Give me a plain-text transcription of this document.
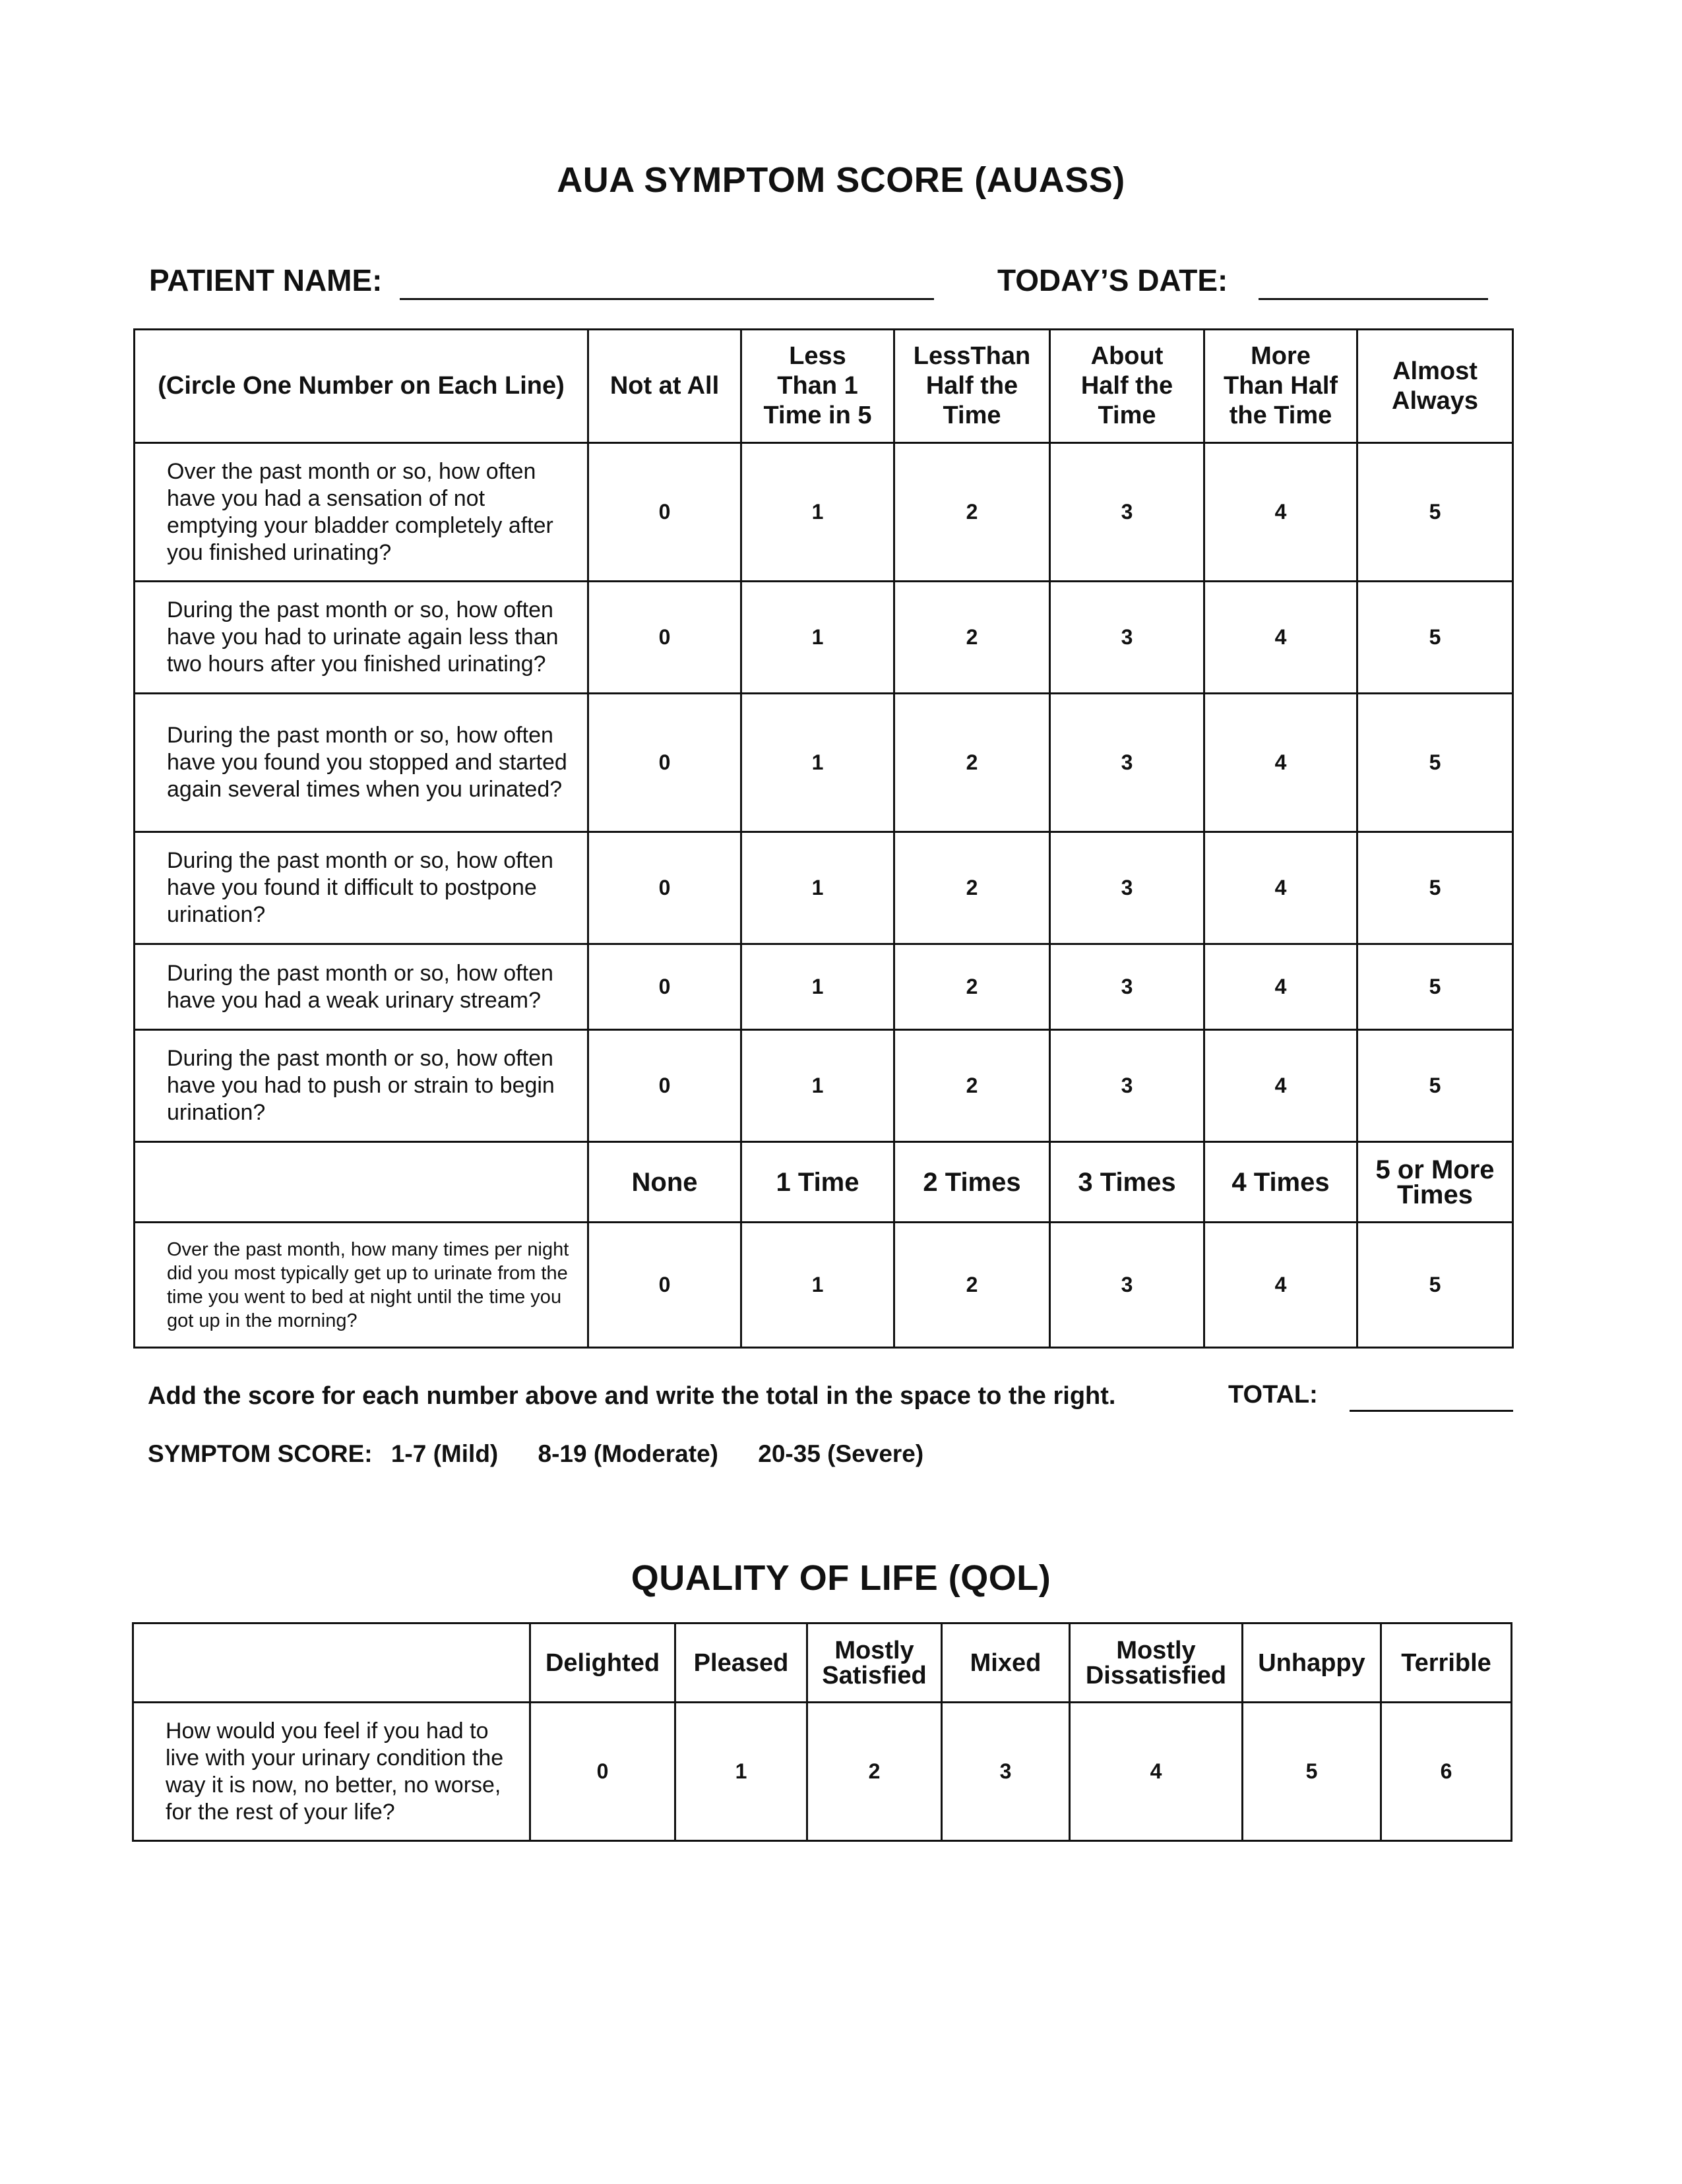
AUA SYMPTOM SCORE (AUASS)
PATIENT NAME:	TODAY’S DATE:
(Circle One Number on Each Line)	Not at All	Less Than 1 Time in 5	LessThan Half the Time	About Half the Time	More Than Half the Time	Almost Always

Over the past month or so, how often have you had a sensation of not emptying your bladder completely after you finished urinating?	0	1	2	3	4	5
During the past month or so, how often have you had to urinate again less than two hours after you finished urinating?	0	1	2	3	4	5
During the past month or so, how often have you found you stopped and started again several times when you urinated?	0	1	2	3	4	5
During the past month or so, how often have you found it difficult to postpone urination?	0	1	2	3	4	5
During the past month or so, how often have you had a weak urinary stream?	0	1	2	3	4	5
During the past month or so, how often have you had to push or strain to begin urination?	0	1	2	3	4	5
	None	1 Time	2 Times	3 Times	4 Times	5 or More Times

Over the past month, how many times per night did you most typically get up to urinate from the time you went to bed at night until the time you got up in the morning?	0	1	2	3	4	5
Add the score for each number above and write the total in the space to the right.	TOTAL:
SYMPTOM SCORE: 1-7 (Mild) 8-19 (Moderate) 20-35 (Severe)
QUALITY OF LIFE (QOL)
	Delighted	Pleased	Mostly Satisfied	Mixed	Mostly Dissatisfied	Unhappy	Terrible
How would you feel if you had to live with your urinary condition the way it is now, no better, no worse, for the rest of your life?	0	1	2	3	4	5	6
